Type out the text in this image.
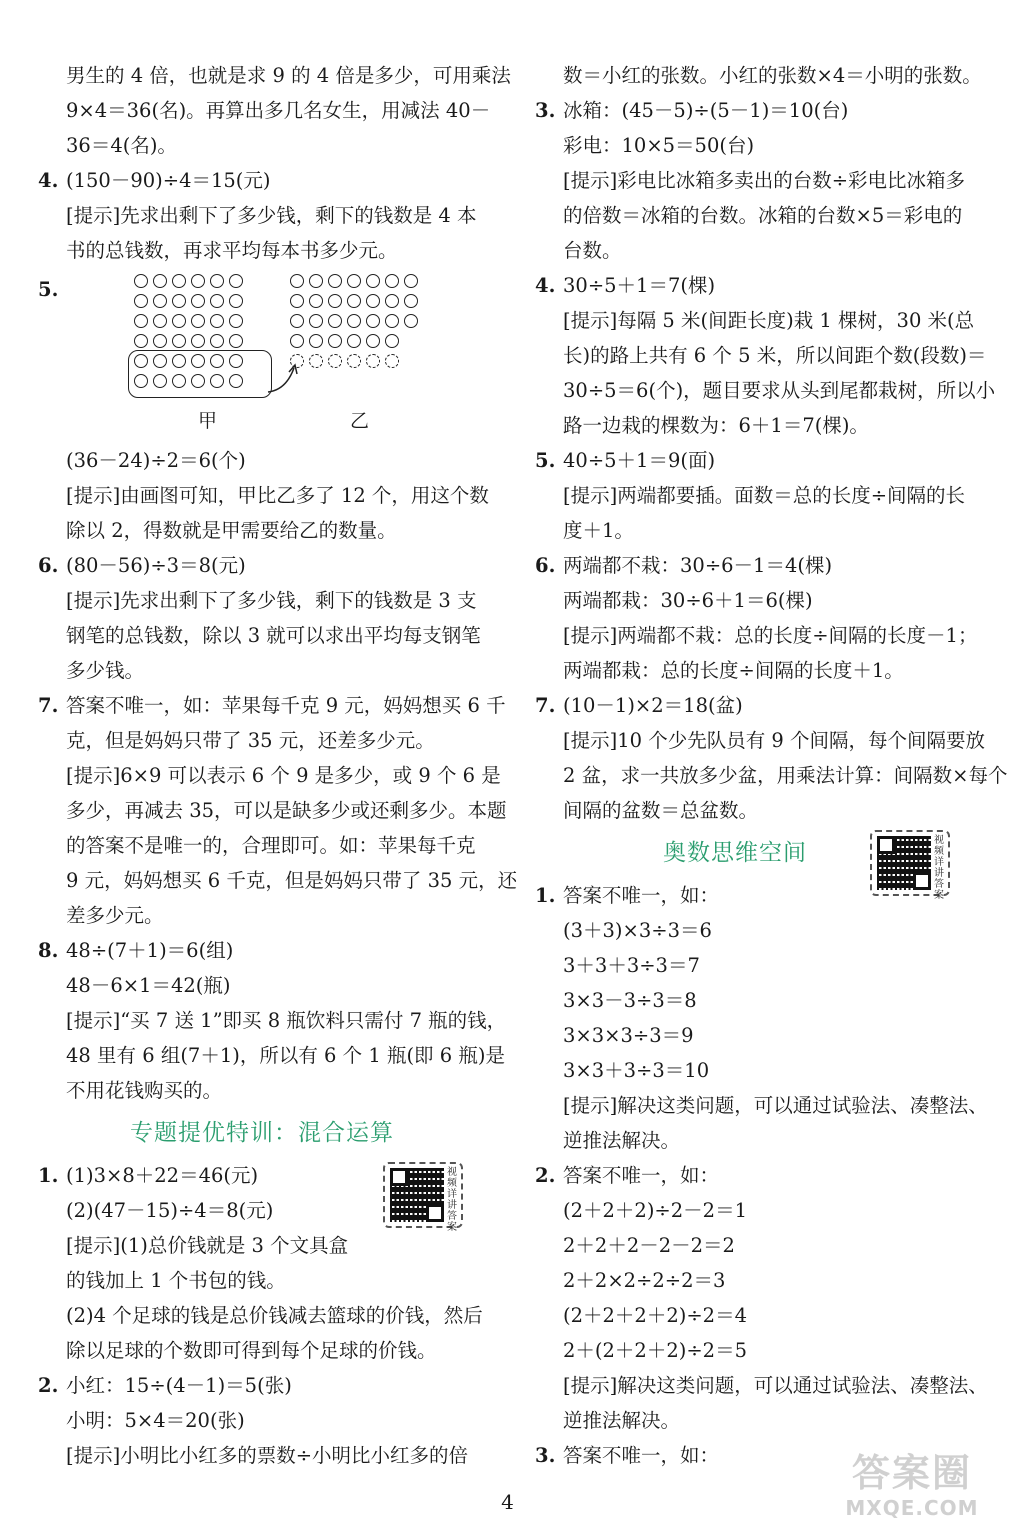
男生的 4 倍，也就是求 9 的 4 倍是多少，可用乘法
9×4＝36(名)。再算出多几名女生，用减法 40－
36＝4(名)。
4. (150－90)÷4＝15(元)
[提示]先求出剩下了多少钱，剩下的钱数是 4 本
书的总钱数，再求平均每本书多少元。
5.
甲	乙
(36－24)÷2＝6(个)
[提示]由画图可知，甲比乙多了 12 个，用这个数
除以 2，得数就是甲需要给乙的数量。
6. (80－56)÷3＝8(元)
[提示]先求出剩下了多少钱，剩下的钱数是 3 支
钢笔的总钱数，除以 3 就可以求出平均每支钢笔
多少钱。
7. 答案不唯一，如：苹果每千克 9 元，妈妈想买 6 千
克，但是妈妈只带了 35 元，还差多少元。
[提示]6×9 可以表示 6 个 9 是多少，或 9 个 6 是
多少，再减去 35，可以是缺多少或还剩多少。本题
的答案不是唯一的，合理即可。如：苹果每千克
9 元，妈妈想买 6 千克，但是妈妈只带了 35 元，还
差多少元。
8. 48÷(7＋1)＝6(组)
48－6×1＝42(瓶)
[提示]“买 7 送 1”即买 8 瓶饮料只需付 7 瓶的钱，
48 里有 6 组(7＋1)，所以有 6 个 1 瓶(即 6 瓶)是
不用花钱购买的。
专题提优特训：混合运算
视频详讲答案
1. (1)3×8＋22＝46(元)
(2)(47－15)÷4＝8(元)
[提示](1)总价钱就是 3 个文具盒
的钱加上 1 个书包的钱。
(2)4 个足球的钱是总价钱减去篮球的价钱，然后
除以足球的个数即可得到每个足球的价钱。
2. 小红：15÷(4－1)＝5(张)
小明：5×4＝20(张)
[提示]小明比小红多的票数÷小明比小红多的倍
数＝小红的张数。小红的张数×4＝小明的张数。
3. 冰箱：(45－5)÷(5－1)＝10(台)
彩电：10×5＝50(台)
[提示]彩电比冰箱多卖出的台数÷彩电比冰箱多
的倍数＝冰箱的台数。冰箱的台数×5＝彩电的
台数。
4. 30÷5＋1＝7(棵)
[提示]每隔 5 米(间距长度)栽 1 棵树，30 米(总
长)的路上共有 6 个 5 米，所以间距个数(段数)＝
30÷5＝6(个)，题目要求从头到尾都栽树，所以小
路一边栽的棵数为：6＋1＝7(棵)。
5. 40÷5＋1＝9(面)
[提示]两端都要插。面数＝总的长度÷间隔的长
度＋1。
6. 两端都不栽：30÷6－1＝4(棵)
两端都栽：30÷6＋1＝6(棵)
[提示]两端都不栽：总的长度÷间隔的长度－1；
两端都栽：总的长度÷间隔的长度＋1。
7. (10－1)×2＝18(盆)
[提示]10 个少先队员有 9 个间隔，每个间隔要放
2 盆，求一共放多少盆，用乘法计算：间隔数×每个
间隔的盆数＝总盆数。
奥数思维空间	视频详讲答案
1. 答案不唯一，如：
(3＋3)×3÷3＝6
3＋3＋3÷3＝7
3×3－3÷3＝8
3×3×3÷3＝9
3×3＋3÷3＝10
[提示]解决这类问题，可以通过试验法、凑整法、
逆推法解决。
2. 答案不唯一，如：
(2＋2＋2)÷2－2＝1
2＋2＋2－2－2＝2
2＋2×2÷2÷2＝3
(2＋2＋2＋2)÷2＝4
2＋(2＋2＋2)÷2＝5
[提示]解决这类问题，可以通过试验法、凑整法、
逆推法解决。
3. 答案不唯一，如：
4
答案圈
MXQE.COM
